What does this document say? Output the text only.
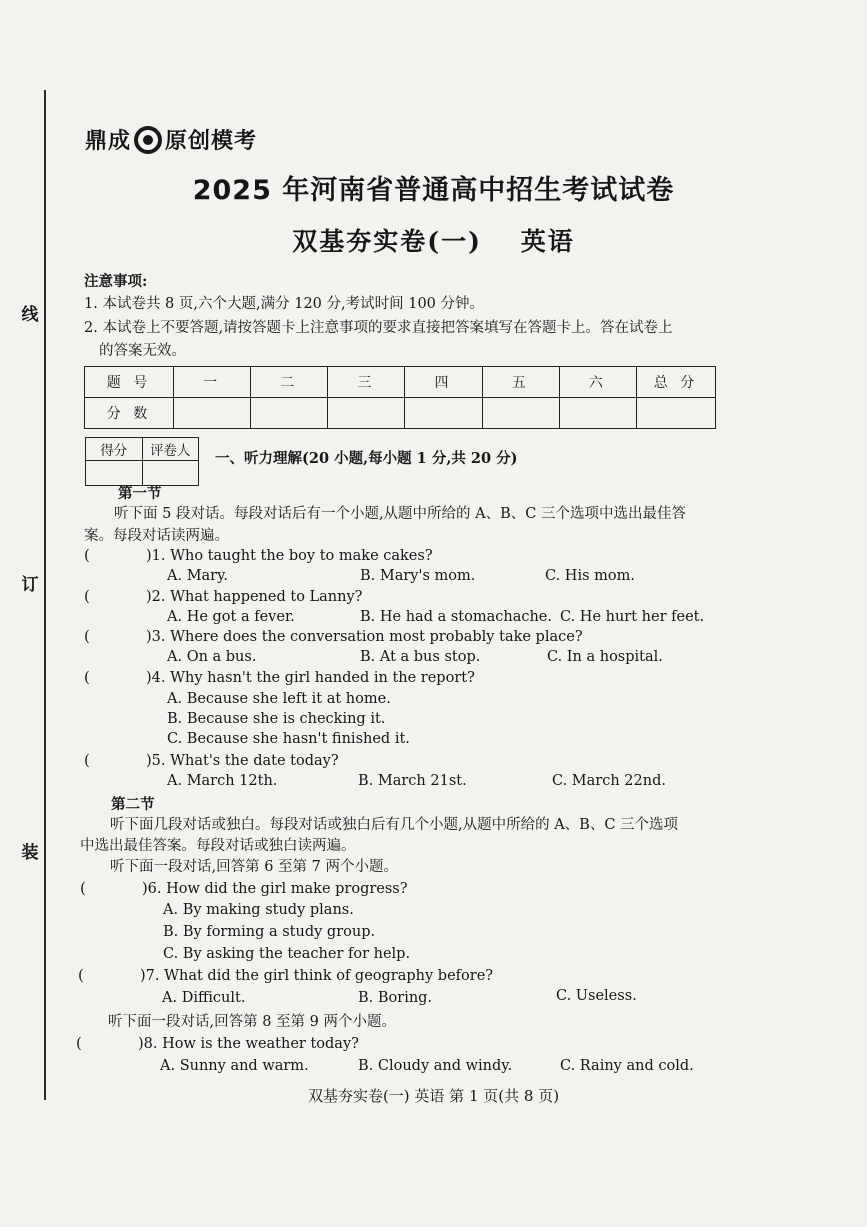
线
订
装
鼎成 原创模考
2025 年河南省普通高中招生考试试卷
双基夯实卷(一) 英语
注意事项:
1. 本试卷共 8 页,六个大题,满分 120 分,考试时间 100 分钟。
2. 本试卷上不要答题,请按答题卡上注意事项的要求直接把答案填写在答题卡上。答在试卷上
的答案无效。
题 号	一	二	三	四	五	六	总 分
分 数							
得分	评卷人
	一、听力理解(20 小题,每小题 1 分,共 20 分)
第一节
听下面 5 段对话。每段对话后有一个小题,从题中所给的 A、B、C 三个选项中选出最佳答
案。每段对话读两遍。
(	)1. Who taught the boy to make cakes?
A. Mary.	B. Mary's mom.	C. His mom.
(	)2. What happened to Lanny?
A. He got a fever.	B. He had a stomachache. C. He hurt her feet.
(	)3. Where does the conversation most probably take place?
A. On a bus.	B. At a bus stop.	C. In a hospital.
(	)4. Why hasn't the girl handed in the report?
A. Because she left it at home.
B. Because she is checking it.
C. Because she hasn't finished it.
(	)5. What's the date today?
A. March 12th.	B. March 21st.	C. March 22nd.
第二节
听下面几段对话或独白。每段对话或独白后有几个小题,从题中所给的 A、B、C 三个选项
中选出最佳答案。每段对话或独白读两遍。
听下面一段对话,回答第 6 至第 7 两个小题。
(	)6. How did the girl make progress?
A. By making study plans.
B. By forming a study group.
C. By asking the teacher for help.
(	)7. What did the girl think of geography before?
A. Difficult.	B. Boring.	C. Useless.
听下面一段对话,回答第 8 至第 9 两个小题。
(	)8. How is the weather today?
A. Sunny and warm.	B. Cloudy and windy.	C. Rainy and cold.
双基夯实卷(一) 英语 第 1 页(共 8 页)
